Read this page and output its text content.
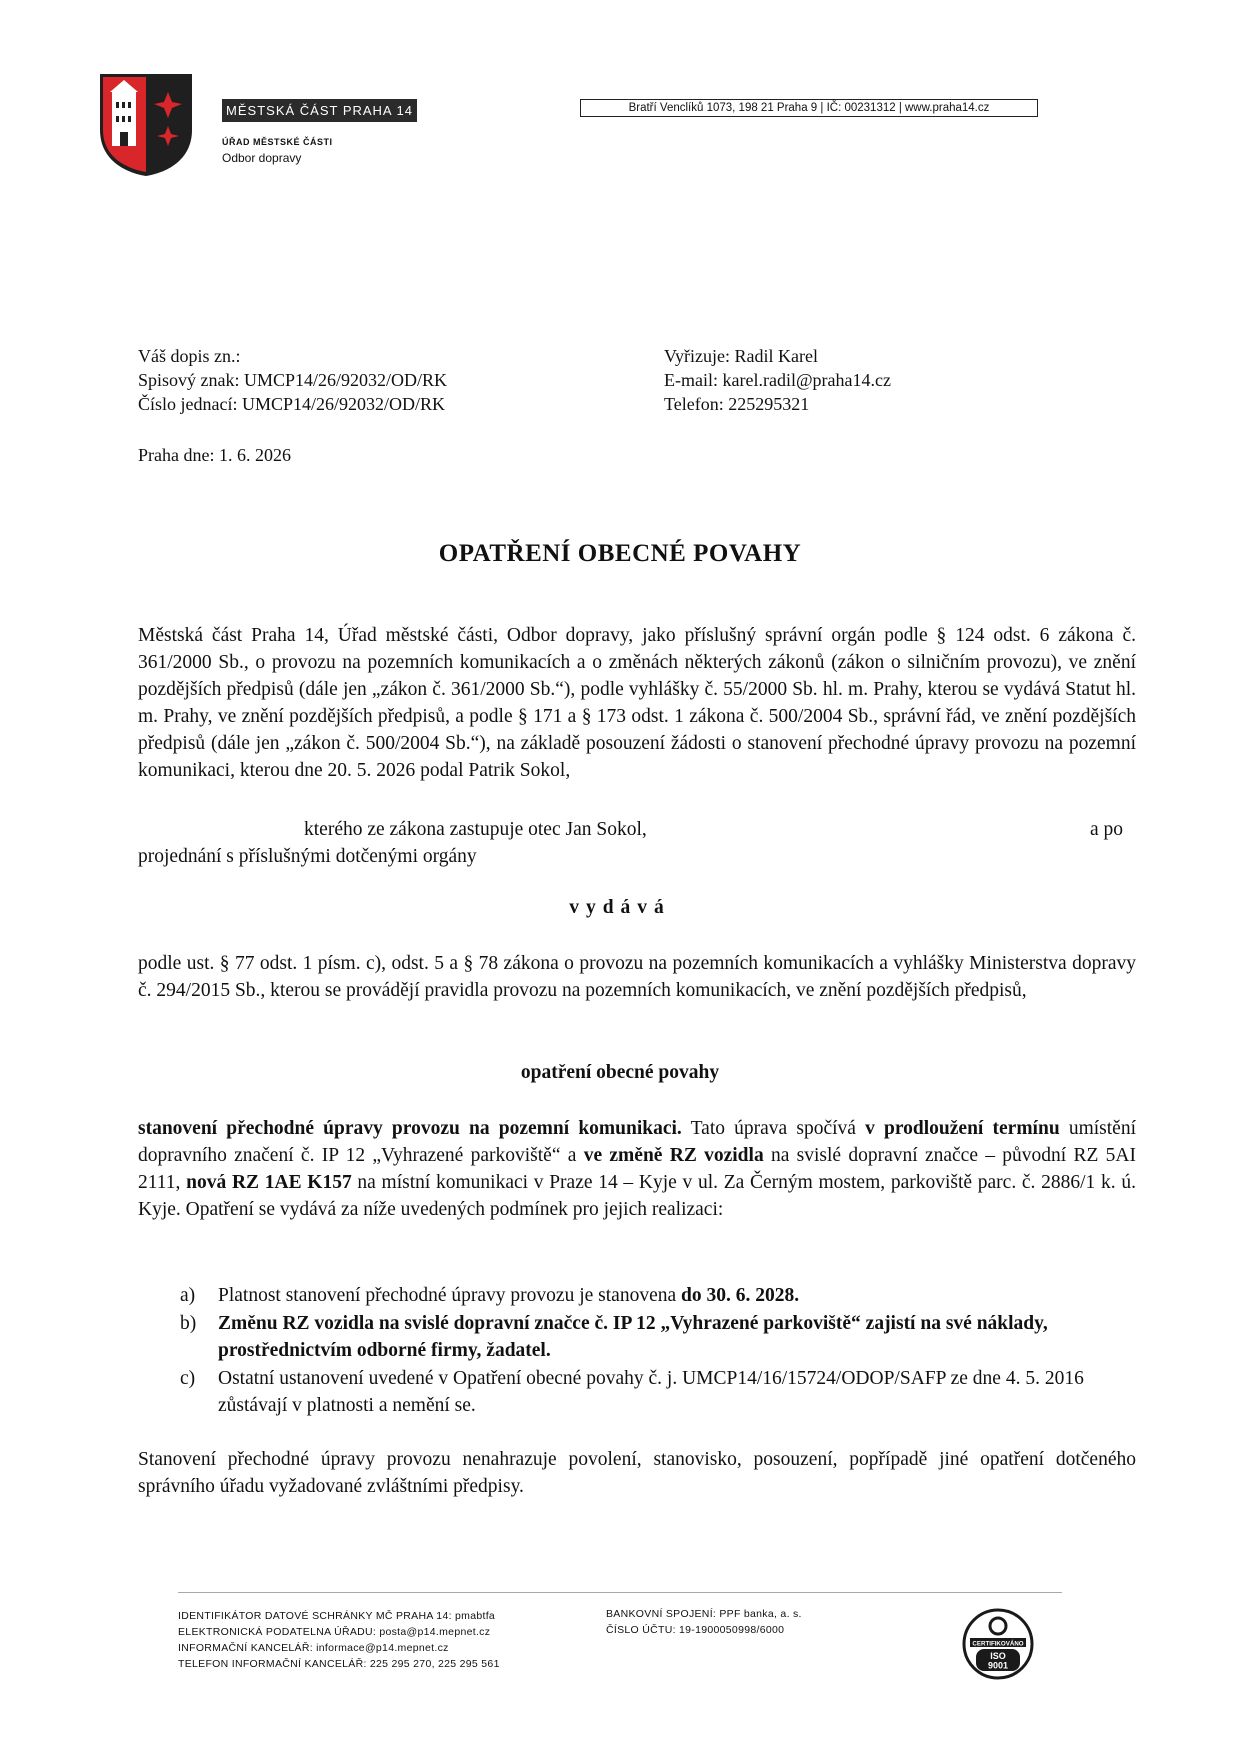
MĚSTSKÁ ČÁST PRAHA 14
ÚŘAD MĚSTSKÉ ČÁSTI
Odbor dopravy
Bratří Venclíků 1073, 198 21 Praha 9 | IČ: 00231312 | www.praha14.cz
Váš dopis zn.:
Spisový znak: UMCP14/26/92032/OD/RK
Číslo jednací: UMCP14/26/92032/OD/RK
Vyřizuje: Radil Karel
E-mail: karel.radil@praha14.cz
Telefon: 225295321
Praha dne: 1. 6. 2026
OPATŘENÍ OBECNÉ POVAHY
Městská část Praha 14, Úřad městské části, Odbor dopravy, jako příslušný správní orgán podle § 124 odst. 6 zákona č. 361/2000 Sb., o provozu na pozemních komunikacích a o změnách některých zákonů (zákon o silničním provozu), ve znění pozdějších předpisů (dále jen „zákon č. 361/2000 Sb.“), podle vyhlášky č. 55/2000 Sb. hl. m. Prahy, kterou se vydává Statut hl. m. Prahy, ve znění pozdějších předpisů, a podle § 171 a § 173 odst. 1 zákona č. 500/2004 Sb., správní řád, ve znění pozdějších předpisů (dále jen „zákon č. 500/2004 Sb.“), na základě posouzení žádosti o stanovení přechodné úpravy provozu na pozemní komunikaci, kterou dne 20. 5. 2026 podal Patrik Sokol,
kterého ze zákona zastupuje otec Jan Sokol,	a po
projednání s příslušnými dotčenými orgány
vydává
podle ust. § 77 odst. 1 písm. c), odst. 5 a § 78 zákona o provozu na pozemních komunikacích a vyhlášky Ministerstva dopravy č. 294/2015 Sb., kterou se provádějí pravidla provozu na pozemních komunikacích, ve znění pozdějších předpisů,
opatření obecné povahy
stanovení přechodné úpravy provozu na pozemní komunikaci. Tato úprava spočívá v prodloužení termínu umístění dopravního značení č. IP 12 „Vyhrazené parkoviště“ a ve změně RZ vozidla na svislé dopravní značce – původní RZ 5AI 2111, nová RZ 1AE K157 na místní komunikaci v Praze 14 – Kyje v ul. Za Černým mostem, parkoviště parc. č. 2886/1 k. ú. Kyje. Opatření se vydává za níže uvedených podmínek pro jejich realizaci:
a)	Platnost stanovení přechodné úpravy provozu je stanovena do 30. 6. 2028.
b)	Změnu RZ vozidla na svislé dopravní značce č. IP 12 „Vyhrazené parkoviště“ zajistí na své náklady, prostřednictvím odborné firmy, žadatel.
c)	Ostatní ustanovení uvedené v Opatření obecné povahy č. j. UMCP14/16/15724/ODOP/SAFP ze dne 4. 5. 2016 zůstávají v platnosti a nemění se.
Stanovení přechodné úpravy provozu nenahrazuje povolení, stanovisko, posouzení, popřípadě jiné opatření dotčeného správního úřadu vyžadované zvláštními předpisy.
IDENTIFIKÁTOR DATOVÉ SCHRÁNKY MČ PRAHA 14: pmabtfa
ELEKTRONICKÁ PODATELNA ÚŘADU: posta@p14.mepnet.cz
INFORMAČNÍ KANCELÁŘ: informace@p14.mepnet.cz
TELEFON INFORMAČNÍ KANCELÁŘ: 225 295 270, 225 295 561
BANKOVNÍ SPOJENÍ: PPF banka, a. s.
ČÍSLO ÚČTU: 19-1900050998/6000
CERTIFIKOVÁNO
ISO
9001
